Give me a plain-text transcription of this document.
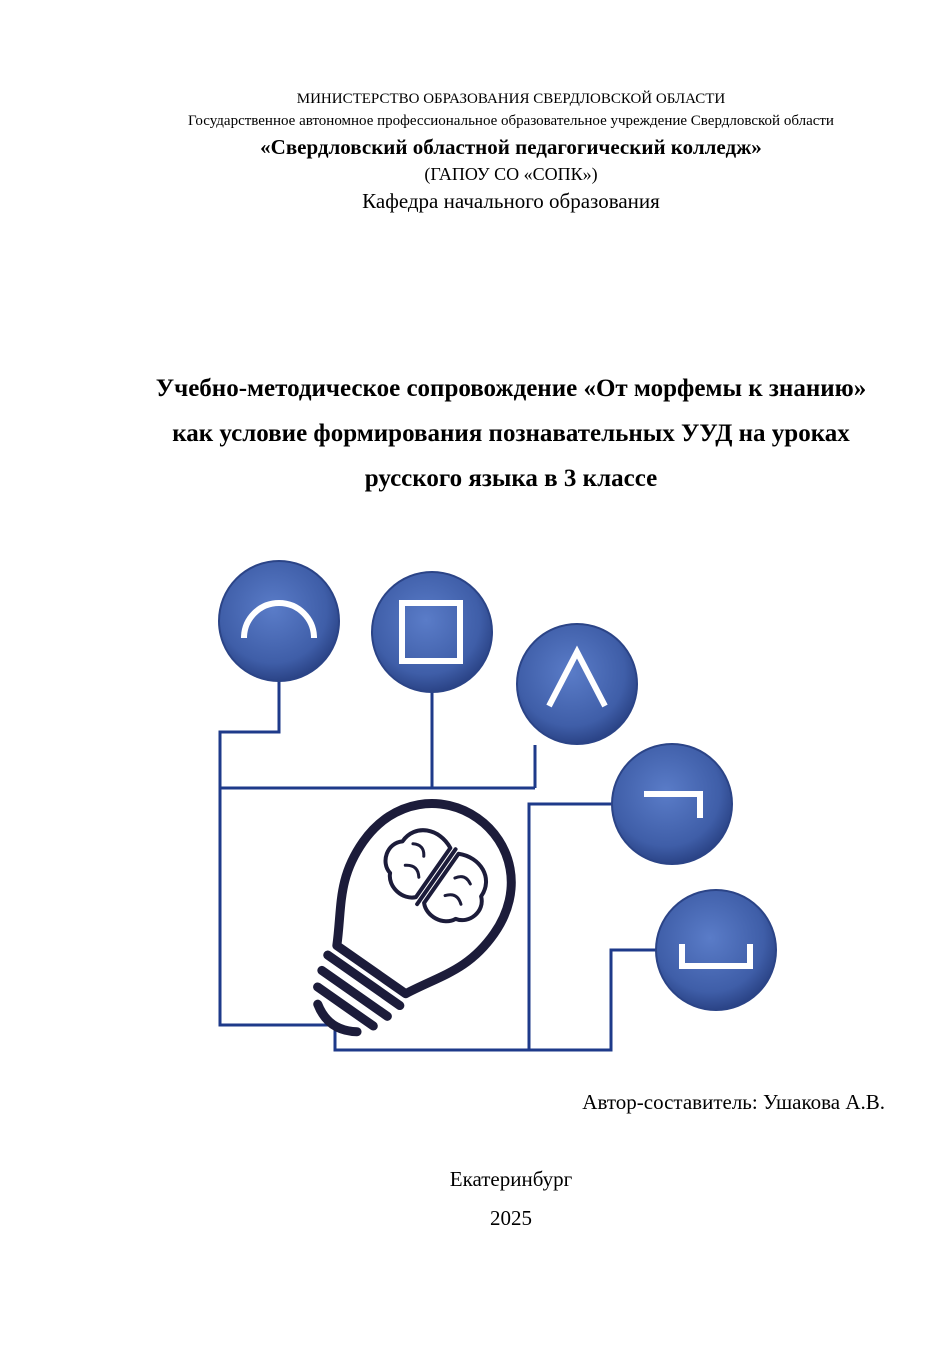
МИНИСТЕРСТВО ОБРАЗОВАНИЯ СВЕРДЛОВСКОЙ ОБЛАСТИ
Государственное автономное профессиональное образовательное учреждение Свердловской области
«Свердловский областной педагогический колледж»
(ГАПОУ СО «СОПК»)
Кафедра начального образования
Учебно-методическое сопровождение «От морфемы к знанию»
как условие формирования познавательных УУД на уроках
русского языка в 3 классе
Автор-составитель: Ушакова А.В.
Екатеринбург
2025
